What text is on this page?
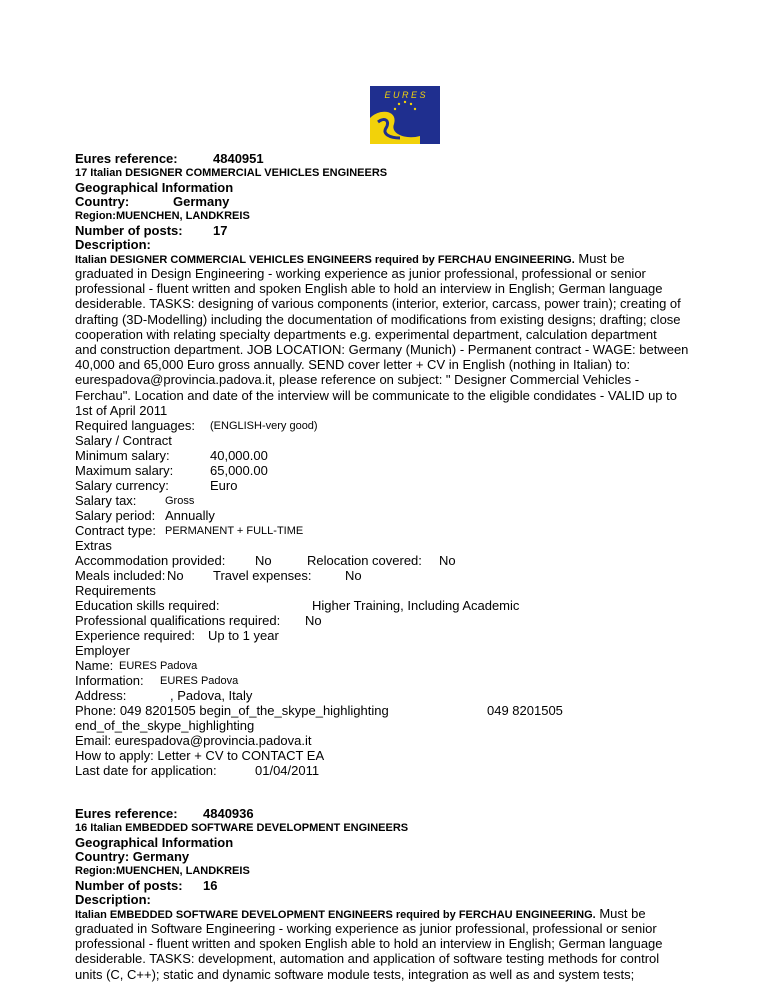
E U R E S
Eures reference:	4840951
17 Italian DESIGNER COMMERCIAL VEHICLES ENGINEERS
Geographical Information
Country:	Germany
Region:MUENCHEN, LANDKREIS
Number of posts: 17
Description:
Italian DESIGNER COMMERCIAL VEHICLES ENGINEERS required by FERCHAU ENGINEERING. Must be
graduated in Design Engineering - working experience as junior professional, professional or senior
professional - fluent written and spoken English able to hold an interview in English; German language
desiderable. TASKS: designing of various components (interior, exterior, carcass, power train); creating of
drafting (3D-Modelling) including the documentation of modifications from existing designs; drafting; close
cooperation with relating specialty departments e.g. experimental department, calculation department
and construction department. JOB LOCATION: Germany (Munich) - Permanent contract - WAGE: between
40,000 and 65,000 Euro gross annually. SEND cover letter + CV in English (nothing in Italian) to:
eurespadova@provincia.padova.it, please reference on subject: " Designer Commercial Vehicles -
Ferchau". Location and date of the interview will be communicate to the eligible condidates - VALID up to
1st of April 2011
Required languages: (ENGLISH-very good)
Salary / Contract
Minimum salary:	40,000.00
Maximum salary:	65,000.00
Salary currency:	Euro
Salary tax:	Gross
Salary period: Annually
Contract type: PERMANENT + FULL-TIME
Extras
Accommodation provided: No	Relocation covered: No
Meals included: No Travel expenses:	No
Requirements
Education skills required:	Higher Training, Including Academic
Professional qualifications required: No
Experience required: Up to 1 year
Employer
Name: EURES Padova
Information: EURES Padova
Address:	, Padova, Italy
Phone: 049 8201505 begin_of_the_skype_highlighting	049 8201505
end_of_the_skype_highlighting
Email: eurespadova@provincia.padova.it
How to apply: Letter + CV to CONTACT EA
Last date for application:	01/04/2011
Eures reference: 4840936
16 Italian EMBEDDED SOFTWARE DEVELOPMENT ENGINEERS
Geographical Information
Country: Germany
Region:MUENCHEN, LANDKREIS
Number of posts: 16
Description:
Italian EMBEDDED SOFTWARE DEVELOPMENT ENGINEERS required by FERCHAU ENGINEERING. Must be
graduated in Software Engineering - working experience as junior professional, professional or senior
professional - fluent written and spoken English able to hold an interview in English; German language
desiderable. TASKS: development, automation and application of software testing methods for control
units (C, C++); static and dynamic software module tests, integration as well as and system tests;
